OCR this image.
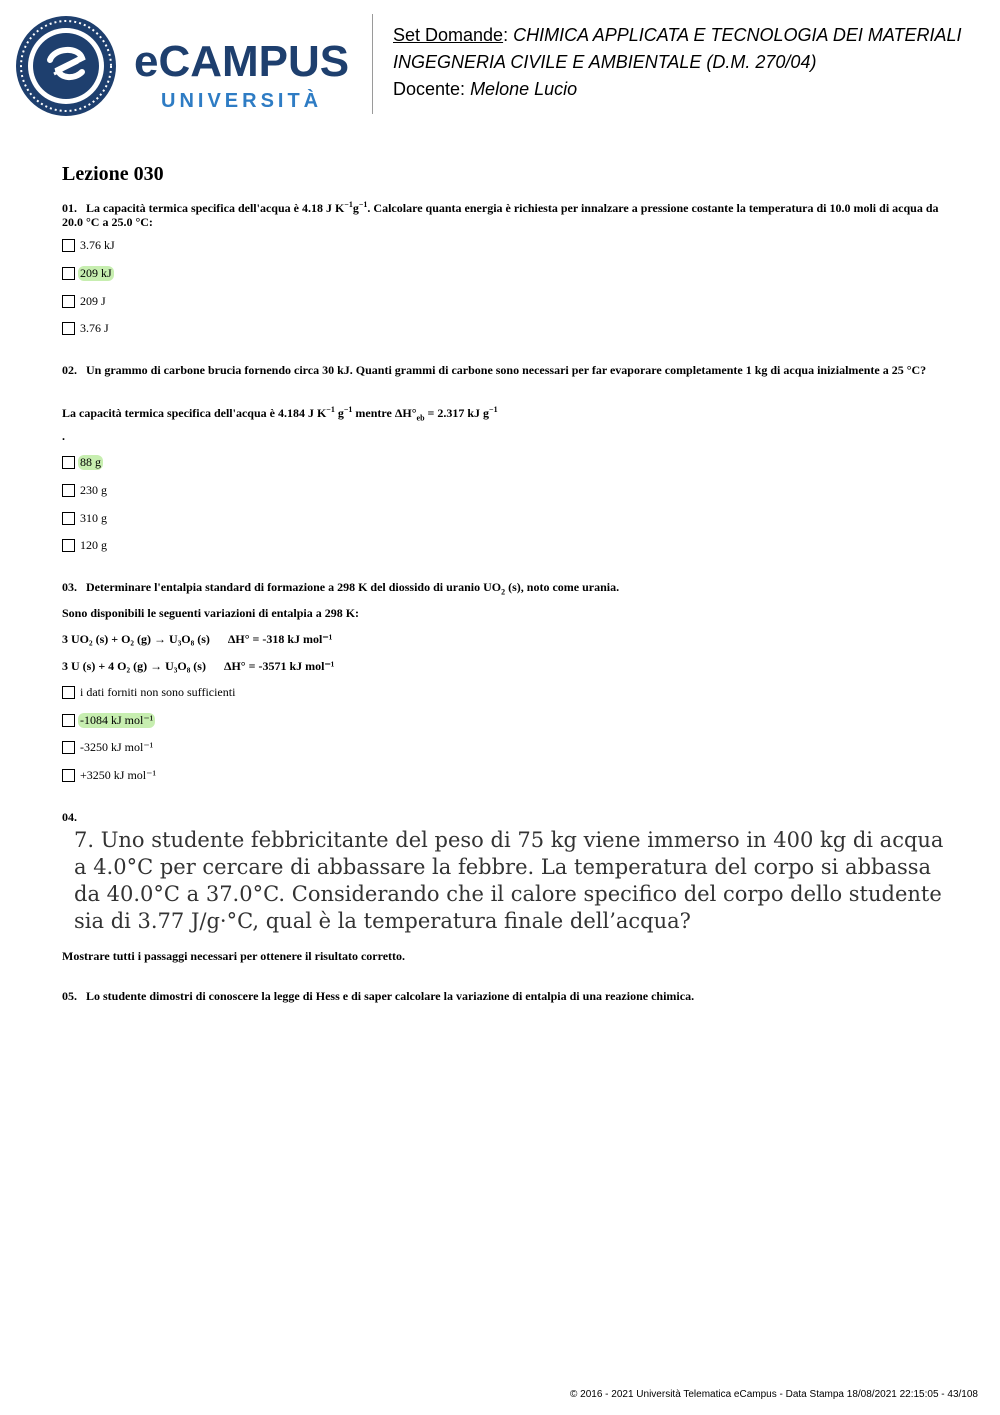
eCAMPUS
UNIVERSITÀ
Set Domande: CHIMICA APPLICATA E TECNOLOGIA DEI MATERIALI
INGEGNERIA CIVILE E AMBIENTALE (D.M. 270/04)
Docente: Melone Lucio
Lezione 030
01. La capacità termica specifica dell'acqua è 4.18 J $K^{-1}g^{-1}$. Calcolare quanta energia è richiesta per innalzare a pressione costante la temperatura di 10.0 moli di acqua da 20.0 °C a 25.0 °C:
3.76 kJ
209 kJ
209 J
3.76 J
02. Un grammo di carbone brucia fornendo circa 30 kJ. Quanti grammi di carbone sono necessari per far evaporare completamente 1 kg di acqua inizialmente a 25 °C?
La capacità termica specifica dell'acqua è 4.184 J $K^{-1}$ $g^{-1}$ mentre $\Delta H^\circ_{eb} = 2.317$ kJ $g^{-1}$
.
88 g
230 g
310 g
120 g
03. Determinare l'entalpia standard di formazione a 298 K del diossido di uranio $UO_2$ (s), noto come urania.
Sono disponibili le seguenti variazioni di entalpia a 298 K:
3 UO₂ (s) + O₂ (g) → U₃O₈ (s)      ΔH° = -318 kJ mol⁻¹
3 U (s) + 4 O₂ (g) → U₃O₈ (s)      ΔH° = -3571 kJ mol⁻¹
i dati forniti non sono sufficienti
-1084 kJ mol⁻¹
-3250 kJ mol⁻¹
+3250 kJ mol⁻¹
04.
7. Uno studente febbricitante del peso di 75 kg viene immerso in 400 kg di acqua a 4.0°C per cercare di abbassare la febbre. La temperatura del corpo si abbassa da 40.0°C a 37.0°C. Considerando che il calore specifico del corpo dello studente sia di 3.77 J/g·°C, qual è la temperatura finale dell’acqua?
Mostrare tutti i passaggi necessari per ottenere il risultato corretto.
05. Lo studente dimostri di conoscere la legge di Hess e di saper calcolare la variazione di entalpia di una reazione chimica.
© 2016 - 2021 Università Telematica eCampus - Data Stampa 18/08/2021 22:15:05 - 43/108
